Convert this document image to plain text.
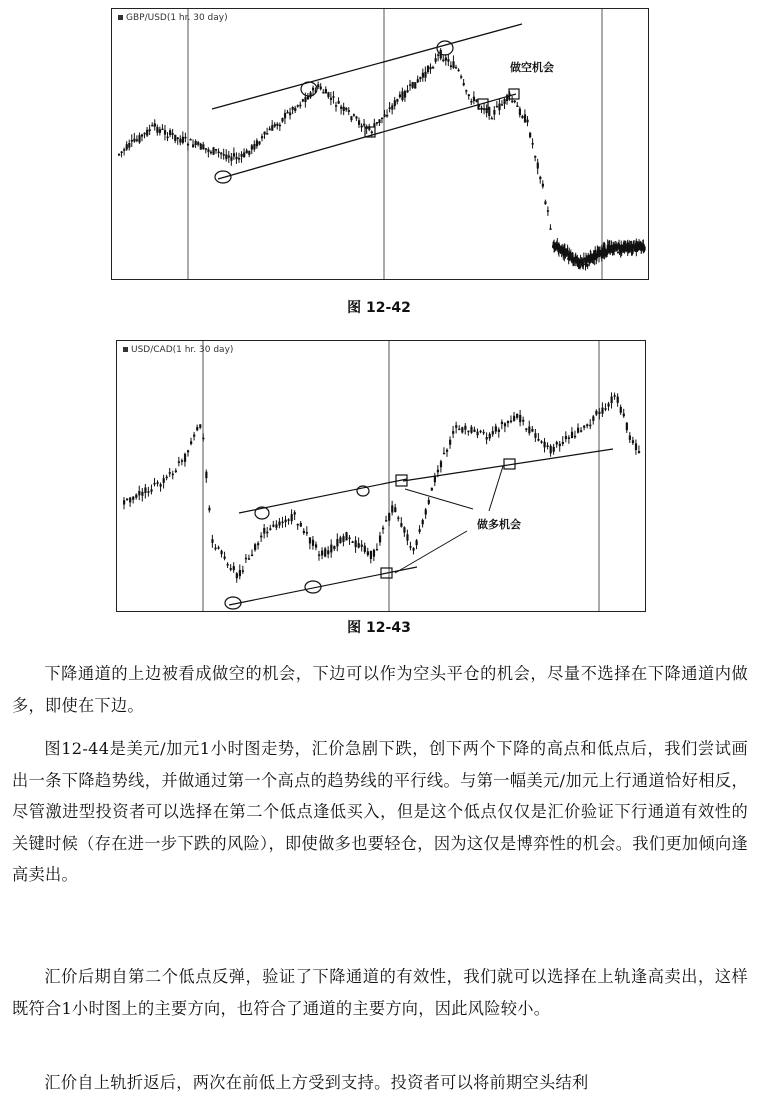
GBP/USD(1 hr. 30 day)
做空机会
图 12-42
USD/CAD(1 hr. 30 day)
做多机会
图 12-43

下降通道的上边被看成做空的机会，下边可以作为空头平仓的机会，尽量不选择在下降通道内做多，即使在下边。

图12-44是美元/加元1小时图走势，汇价急剧下跌，创下两个下降的高点和低点后，我们尝试画出一条下降趋势线，并做通过第一个高点的趋势线的平行线。与第一幅美元/加元上行通道恰好相反，尽管激进型投资者可以选择在第二个低点逢低买入，但是这个低点仅仅是汇价验证下行通道有效性的关键时候（存在进一步下跌的风险），即使做多也要轻仓，因为这仅是博弈性的机会。我们更加倾向逢高卖出。

汇价后期自第二个低点反弹，验证了下降通道的有效性，我们就可以选择在上轨逢高卖出，这样既符合1小时图上的主要方向，也符合了通道的主要方向，因此风险较小。

汇价自上轨折返后，两次在前低上方受到支持。投资者可以将前期空头结利
